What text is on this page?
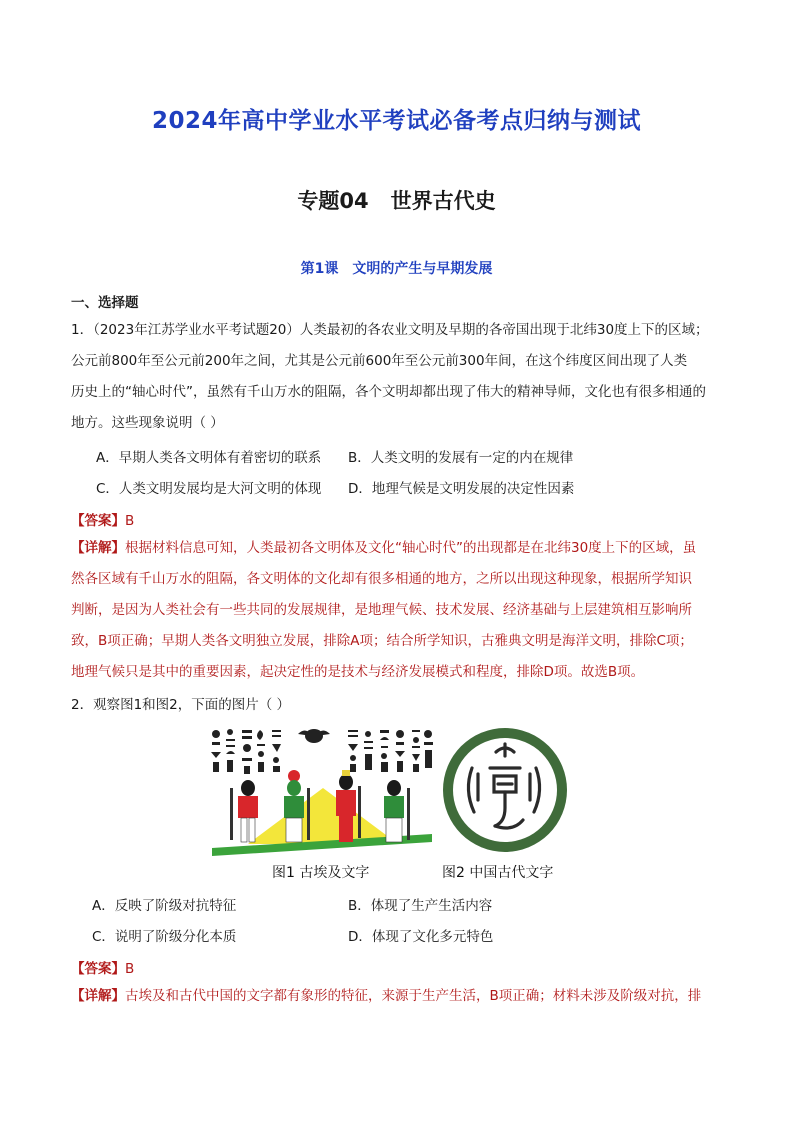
2024年高中学业水平考试必备考点归纳与测试
专题04 世界古代史
第1课 文明的产生与早期发展
一、选择题
1．（2023年江苏学业水平考试题20）人类最初的各农业文明及早期的各帝国出现于北纬30度上下的区域；
公元前800年至公元前200年之间，尤其是公元前600年至公元前300年间，在这个纬度区间出现了人类
历史上的“轴心时代”，虽然有千山万水的阻隔，各个文明却都出现了伟大的精神导师，文化也有很多相通的
地方。这些现象说明（ ）
A．早期人类各文明体有着密切的联系 B．人类文明的发展有一定的内在规律
C．人类文明发展均是大河文明的体现 D．地理气候是文明发展的决定性因素
【答案】B
【详解】根据材料信息可知，人类最初各文明体及文化“轴心时代”的出现都是在北纬30度上下的区域，虽
然各区域有千山万水的阻隔，各文明体的文化却有很多相通的地方，之所以出现这种现象，根据所学知识
判断，是因为人类社会有一些共同的发展规律，是地理气候、技术发展、经济基础与上层建筑相互影响所
致，B项正确；早期人类各文明独立发展，排除A项；结合所学知识，古雅典文明是海洋文明，排除C项；
地理气候只是其中的重要因素，起决定性的是技术与经济发展模式和程度，排除D项。故选B项。
2．观察图1和图2，下面的图片（ ）
图1 古埃及文字	图2 中国古代文字
A．反映了阶级对抗特征	B．体现了生产生活内容
C．说明了阶级分化本质	D．体现了文化多元特色
【答案】B
【详解】古埃及和古代中国的文字都有象形的特征，来源于生产生活，B项正确；材料未涉及阶级对抗，排
